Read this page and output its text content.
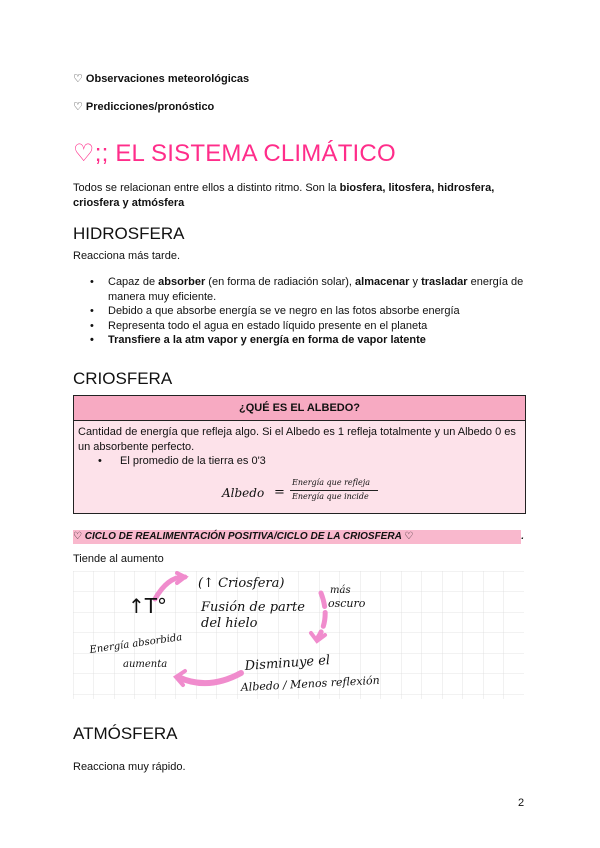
♡ Observaciones meteorológicas
♡ Predicciones/pronóstico
♡;; EL SISTEMA CLIMÁTICO
Todos se relacionan entre ellos a distinto ritmo. Son la biosfera, litosfera, hidrosfera, criosfera y atmósfera
HIDROSFERA
Reacciona más tarde.
• Capaz de absorber (en forma de radiación solar), almacenar y trasladar energía de manera muy eficiente.
• Debido a que absorbe energía se ve negro en las fotos absorbe energía
• Representa todo el agua en estado líquido presente en el planeta
• Transfiere a la atm vapor y energía en forma de vapor latente
CRIOSFERA
¿QUÉ ES EL ALBEDO?
Cantidad de energía que refleja algo. Si el Albedo es 1 refleja totalmente y un Albedo 0 es un absorbente perfecto.
• El promedio de la tierra es 0'3
Albedo =
Energía que refleja
Energía que incide
♡ CICLO DE REALIMENTACIÓN POSITIVA/CICLO DE LA CRIOSFERA ♡	.
Tiende al aumento
↑T°
(↑ Criosfera)
Fusión de parte
del hielo
más
oscuro
Energía absorbida
aumenta	Disminuye el
Albedo / Menos reflexión
ATMÓSFERA
Reacciona muy rápido.
2
